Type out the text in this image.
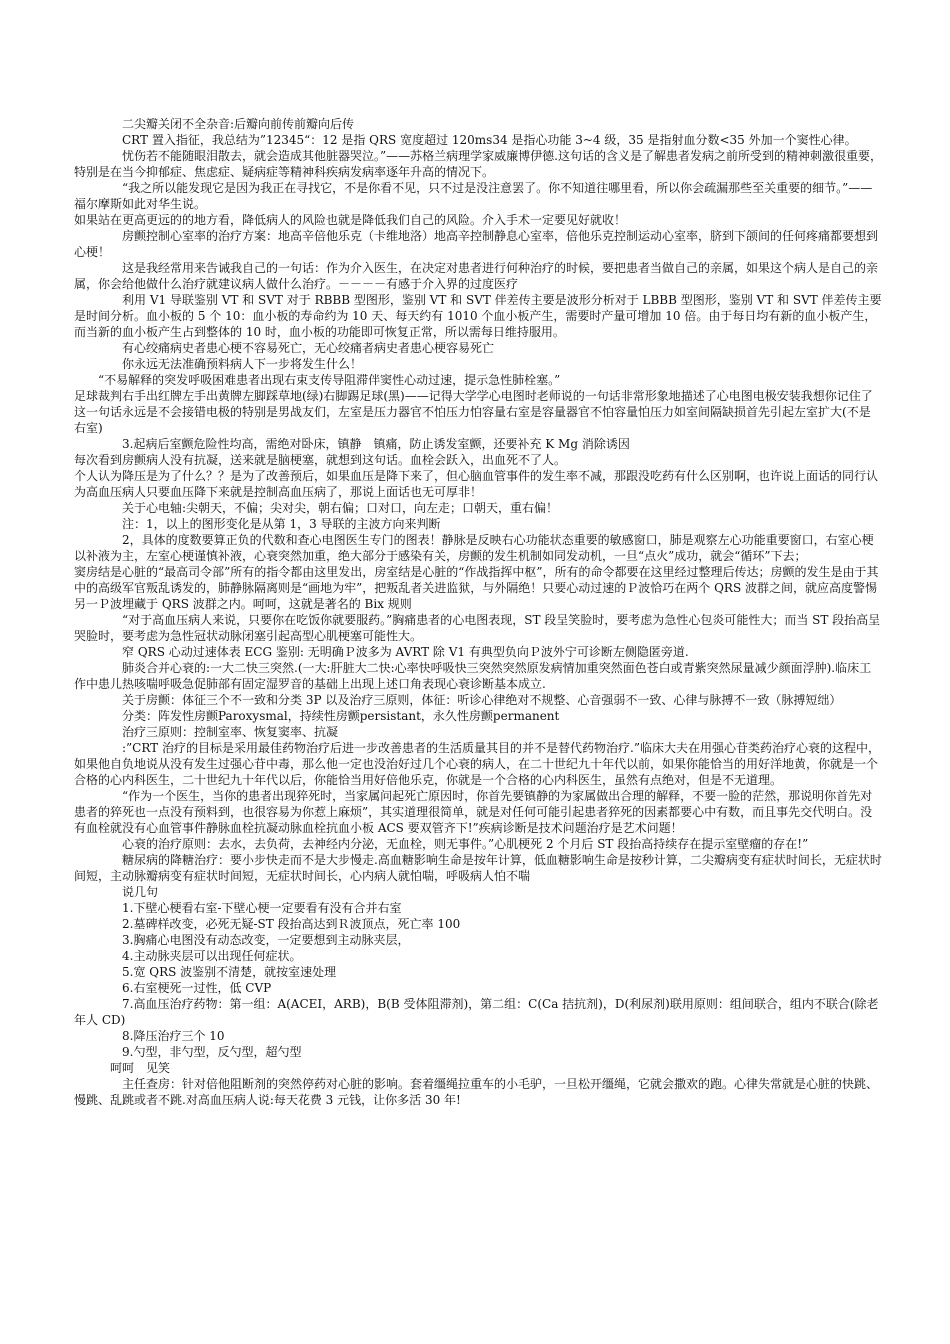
二尖瓣关闭不全杂音:后瓣向前传前瓣向后传

CRT 置入指征，我总结为”12345“：12 是指 QRS 宽度超过 120ms34 是指心功能 3~4 级，35 是指射血分数<35 外加一个窦性心律。

忧伤若不能随眼泪散去，就会造成其他脏器哭泣。”——苏格兰病理学家威廉博伊德.这句话的含义是了解患者发病之前所受到的精神刺激很重要，特别是在当今抑郁症、焦虑症、疑病症等精神科疾病发病率逐年升高的情况下。

“我之所以能发现它是因为我正在寻找它，不是你看不见，只不过是没注意罢了。你不知道往哪里看，所以你会疏漏那些至关重要的细节。”——福尔摩斯如此对华生说。

如果站在更高更远的的地方看，降低病人的风险也就是降低我们自己的风险。介入手术一定要见好就收！

房颤控制心室率的治疗方案：地高辛倍他乐克（卡维地洛）地高辛控制静息心室率，倍他乐克控制运动心室率，脐到下颌间的任何疼痛都要想到心梗！

这是我经常用来告诫我自己的一句话：作为介入医生，在决定对患者进行何种治疗的时候，要把患者当做自己的亲属，如果这个病人是自己的亲属，你会给他做什么治疗就建议病人做什么治疗。－－－－有感于介入界的过度医疗

利用 V1 导联鉴别 VT 和 SVT 对于 RBBB 型图形，鉴别 VT 和 SVT 伴差传主要是波形分析对于 LBBB 型图形，鉴别 VT 和 SVT 伴差传主要是时间分析。血小板的 5 个 10：血小板的寿命约为 10 天、每天约有 1010 个血小板产生，需要时产量可增加 10 倍。由于每日均有新的血小板产生，而当新的血小板产生占到整体的 10 时，血小板的功能即可恢复正常，所以需每日维持服用。

有心绞痛病史者患心梗不容易死亡，无心绞痛者病史者患心梗容易死亡

你永远无法准确预料病人下一步将发生什么！

“不易解释的突发呼吸困难患者出现右束支传导阻滞伴窦性心动过速，提示急性肺栓塞。”

足球裁判右手出红牌左手出黄牌左脚踩草地(绿)右脚踢足球(黑)——记得大学学心电图时老师说的一句话非常形象地描述了心电图电极安装我想你记住了这一句话永远是不会接错电极的特别是男战友们，左室是压力器官不怕压力怕容量右室是容量器官不怕容量怕压力如室间隔缺损首先引起左室扩大(不是右室)

3.起病后室颤危险性均高，需绝对卧床，镇静　镇痛，防止诱发室颤，还要补充 K Mg 消除诱因

每次看到房颤病人没有抗凝，送来就是脑梗塞，就想到这句话。血栓会跃入，出血死不了人。

个人认为降压是为了什么？？是为了改善预后，如果血压是降下来了，但心脑血管事件的发生率不减，那跟没吃药有什么区别啊，也许说上面话的同行认为高血压病人只要血压降下来就是控制高血压病了，那说上面话也无可厚非！

关于心电轴:尖朝天，不偏；尖对尖，朝右偏；口对口，向左走；口朝天，重右偏！

注：1，以上的图形变化是从第 1，3 导联的主波方向来判断

2，具体的度数要算正负的代数和查心电图医生专门的图表！静脉是反映右心功能状态重要的敏感窗口，肺是观察左心功能重要窗口，右室心梗以补液为主，左室心梗谨慎补液，心衰突然加重，绝大部分于感染有关，房颤的发生机制如同发动机，一旦“点火”成功，就会“循环”下去；

窦房结是心脏的“最高司令部”所有的指令都由这里发出，房室结是心脏的“作战指挥中枢”，所有的命令都要在这里经过整理后传达；房颤的发生是由于其中的高级军官叛乱诱发的，肺静脉隔离则是“画地为牢”，把叛乱者关进监狱，与外隔绝！只要心动过速的Ｐ波恰巧在两个 QRS 波群之间，就应高度警惕另一Ｐ波埋藏于 QRS 波群之内。呵呵，这就是著名的 Bix 规则

“对于高血压病人来说，只要你在吃饭你就要服药。”胸痛患者的心电图表现，ST 段呈笑脸时，要考虑为急性心包炎可能性大；而当 ST 段抬高呈哭脸时，要考虑为急性冠状动脉闭塞引起高型心肌梗塞可能性大。

窄 QRS 心动过速体表 ECG 鉴别: 无明确Ｐ波多为 AVRT 除 V1 有典型负向Ｐ波外宁可诊断左侧隐匿旁道.

肺炎合并心衰的:一大二快三突然.(一大:肝脏大二快:心率快呼吸快三突然突然原发病情加重突然面色苍白或青紫突然尿量减少颜面浮肿).临床工作中患儿热咳喘呼吸急促肺部有固定湿罗音的基础上出现上述口角表现心衰诊断基本成立.

关于房颤：体征三个不一致和分类 3P 以及治疗三原则，体征：听诊心律绝对不规整、心音强弱不一致、心律与脉搏不一致（脉搏短绌）

分类：阵发性房颤Paroxysmal，持续性房颤persistant，永久性房颤permanent

治疗三原则：控制室率、恢复窦率、抗凝

:”CRT 治疗的目标是采用最佳药物治疗后进一步改善患者的生活质量其目的并不是替代药物治疗.”临床大夫在用强心苷类药治疗心衰的这程中，如果他自负地说从没有发生过强心苷中毒，那么他一定也没治好过几个心衰的病人，在二十世纪九十年代以前，如果你能恰当的用好洋地黄，你就是一个合格的心内科医生，二十世纪九十年代以后，你能恰当用好倍他乐克，你就是一个合格的心内科医生，虽然有点绝对，但是不无道理。

“作为一个医生，当你的患者出现猝死时，当家属问起死亡原因时，你首先要镇静的为家属做出合理的解释，不要一脸的茫然，那说明你首先对患者的猝死也一点没有预料到，也很容易为你惹上麻烦”，其实道理很简单，就是对任何可能引起患者猝死的因素都要心中有数，而且事先交代明白。没有血栓就没有心血管事件静脉血栓抗凝动脉血栓抗血小板 ACS 要双管齐下!”疾病诊断是技术问题治疗是艺术问题！

心衰的治疗原则：去水，去负荷，去神经内分泌，无血栓，则无事件。”心肌梗死 2 个月后 ST 段抬高持续存在提示室壁瘤的存在!”

糖尿病的降糖治疗：要小步快走而不是大步慢走.高血糖影响生命是按年计算，低血糖影响生命是按秒计算，二尖瓣病变有症状时间长，无症状时间短，主动脉瓣病变有症状时间短，无症状时间长，心内病人就怕喘，呼吸病人怕不喘

说几句

1.下壁心梗看右室-下壁心梗一定要看有没有合并右室

2.墓碑样改变，必死无疑-ST 段抬高达到Ｒ波顶点，死亡率 100

3.胸痛心电图没有动态改变，一定要想到主动脉夹层，

4.主动脉夹层可以出现任何症状。

5.宽 QRS 波鉴别不清楚，就按室速处理

6.右室梗死一过性，低 CVP

7.高血压治疗药物：第一组：A(ACEI，ARB)，B(B 受体阻滞剂)，第二组：C(Ca 拮抗剂)，D(利尿剂)联用原则：组间联合，组内不联合(除老年人 CD)

8.降压治疗三个 10

9.勺型，非勺型，反勺型，超勺型

呵呵　见笑

主任查房：针对倍他阻断剂的突然停药对心脏的影响。套着缰绳拉重车的小毛驴，一旦松开缰绳，它就会撒欢的跑。心律失常就是心脏的快跳、慢跳、乱跳或者不跳.对高血压病人说:每天花费 3 元钱，让你多活 30 年!
